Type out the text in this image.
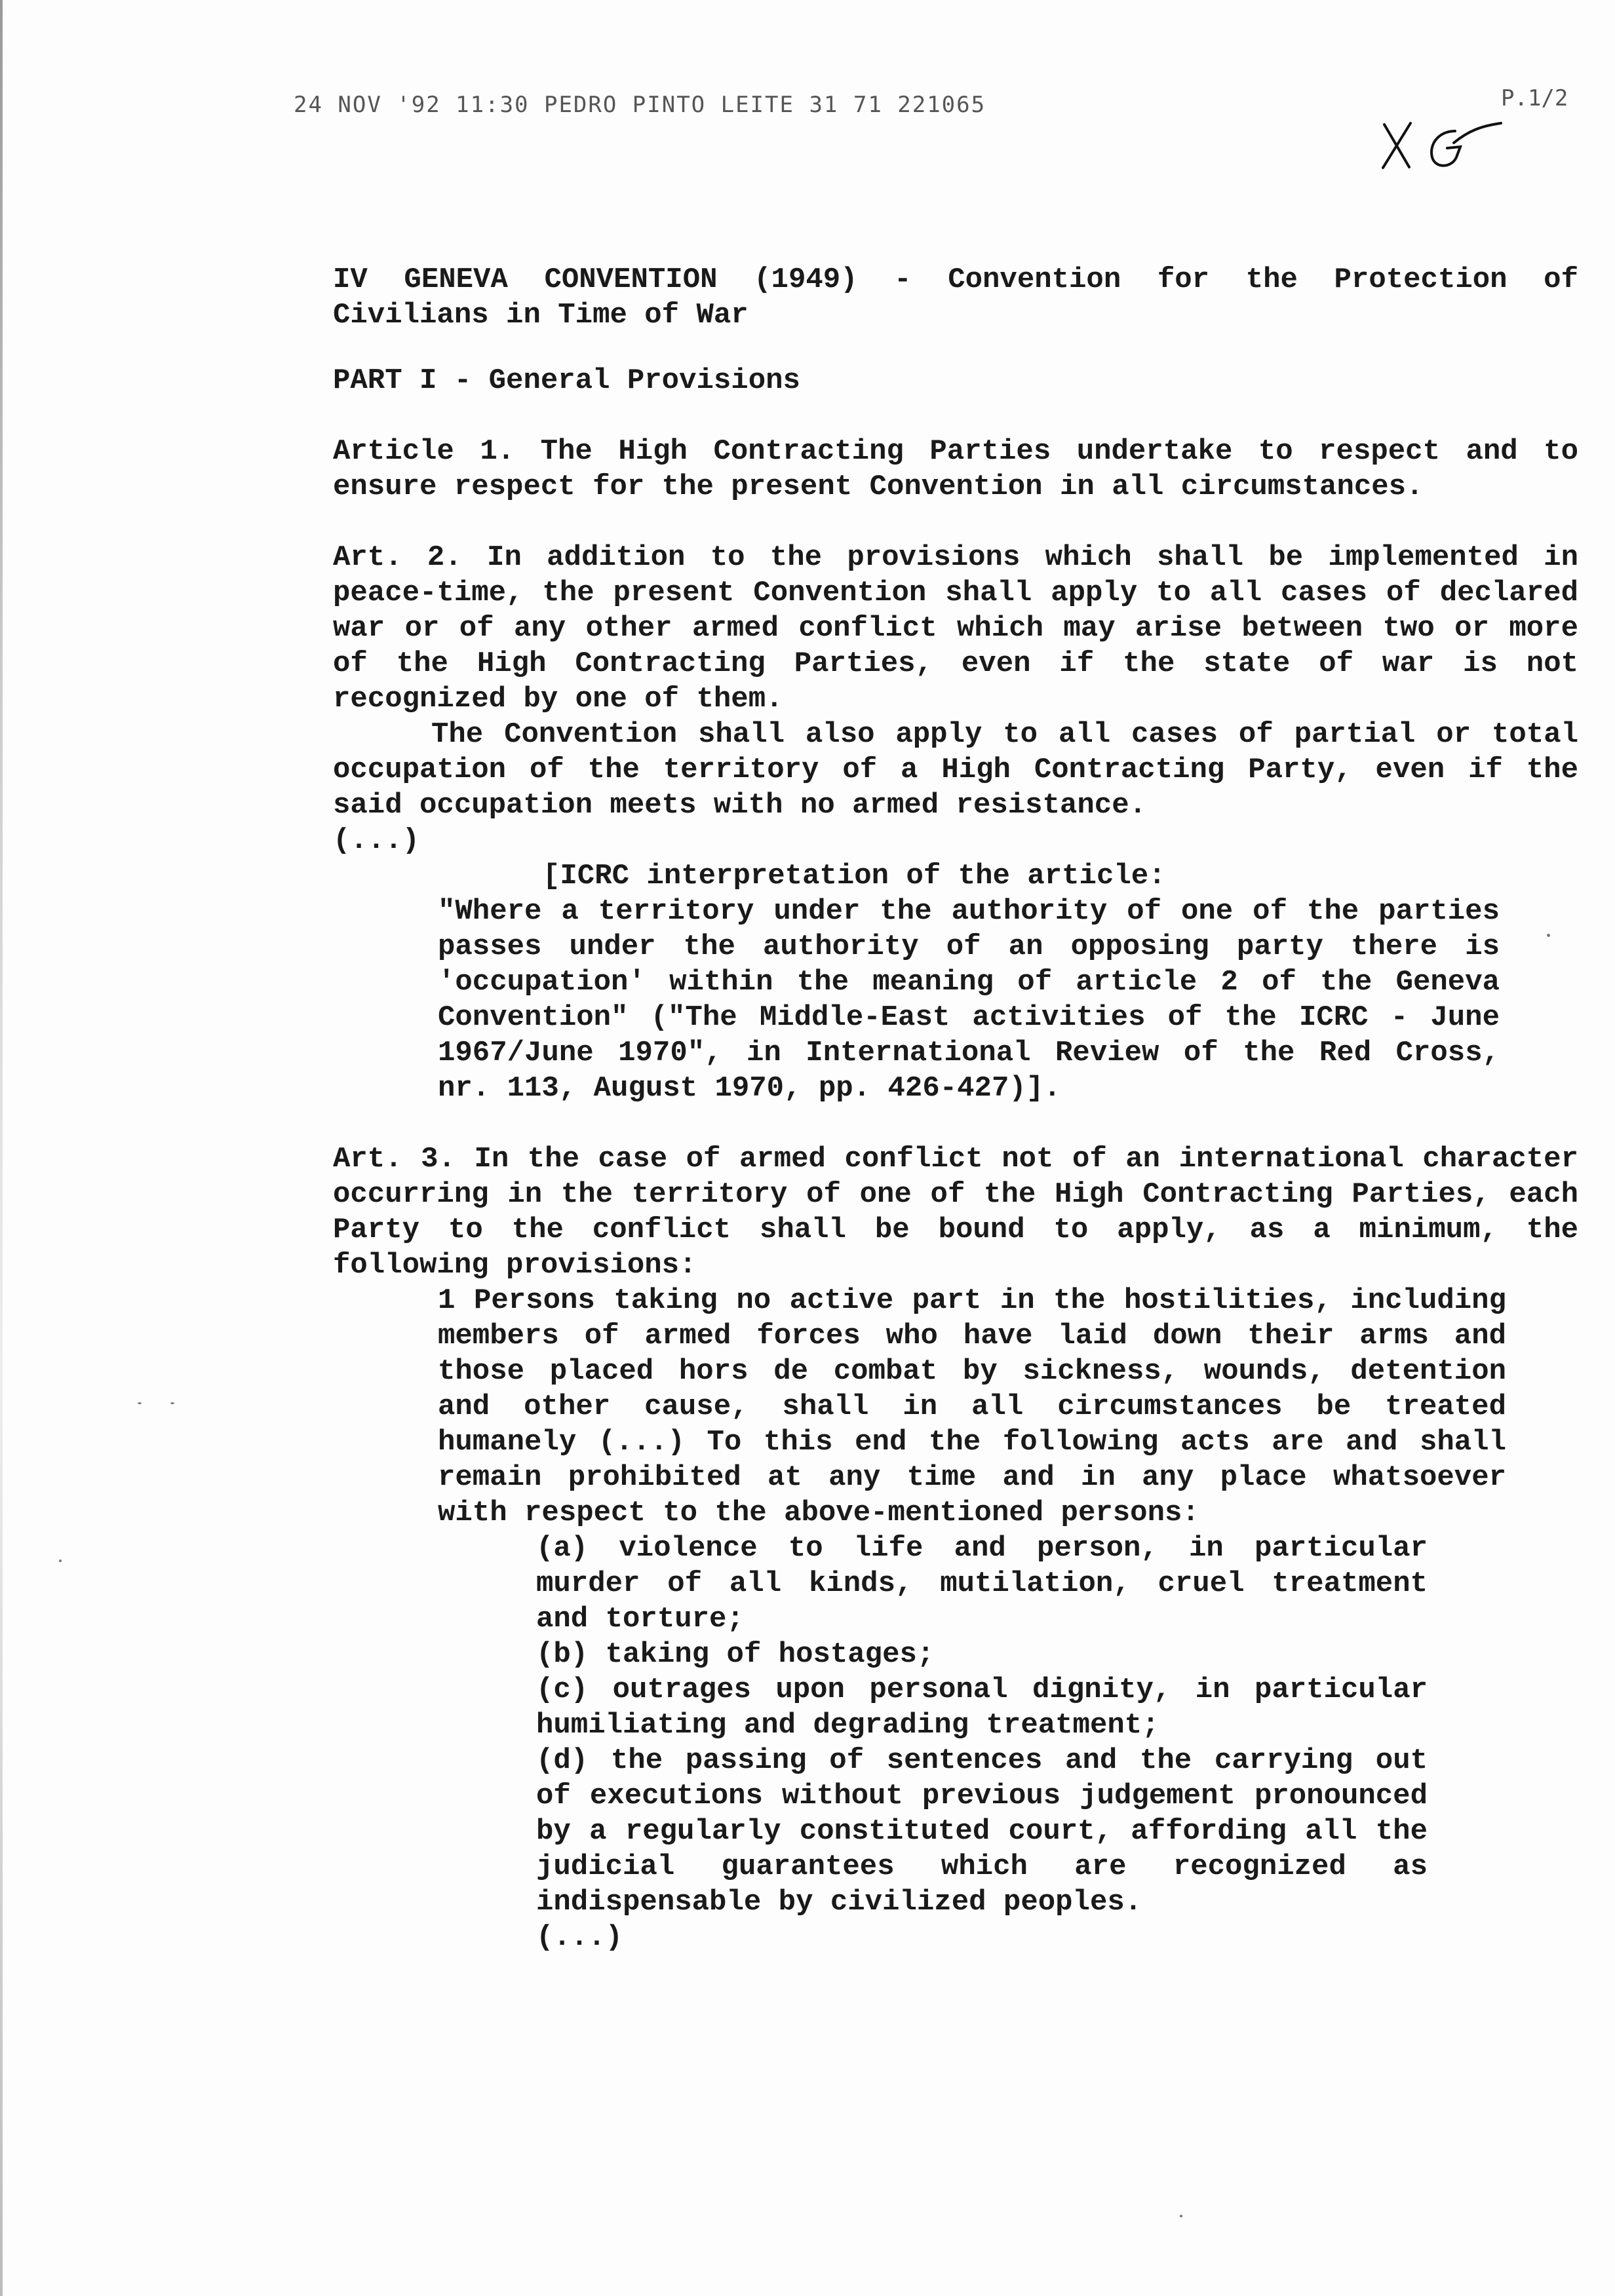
24 NOV '92 11:30 PEDRO PINTO LEITE 31 71 221065	P.1/2

IV GENEVA CONVENTION (1949) - Convention for the Protection of Civilians in Time of War

PART I - General Provisions

Article 1. The High Contracting Parties undertake to respect and to ensure respect for the present Convention in all circumstances.

Art. 2. In addition to the provisions which shall be implemented in peace-time, the present Convention shall apply to all cases of declared war or of any other armed conflict which may arise between two or more of the High Contracting Parties, even if the state of war is not recognized by one of them.

The Convention shall also apply to all cases of partial or total occupation of the territory of a High Contracting Party, even if the said occupation meets with no armed resistance.

(...)

[ICRC interpretation of the article:

"Where a territory under the authority of one of the parties passes under the authority of an opposing party there is 'occupation' within the meaning of article 2 of the Geneva Convention" ("The Middle-East activities of the ICRC - June 1967/June 1970", in International Review of the Red Cross, nr. 113, August 1970, pp. 426-427)].

Art. 3. In the case of armed conflict not of an international character occurring in the territory of one of the High Contracting Parties, each Party to the conflict shall be bound to apply, as a minimum, the following provisions:

1 Persons taking no active part in the hostilities, including members of armed forces who have laid down their arms and those placed hors de combat by sickness, wounds, detention and other cause, shall in all circumstances be treated humanely (...) To this end the following acts are and shall remain prohibited at any time and in any place whatsoever with respect to the above-mentioned persons:

(a) violence to life and person, in particular murder of all kinds, mutilation, cruel treatment and torture;

(b) taking of hostages;

(c) outrages upon personal dignity, in particular humiliating and degrading treatment;

(d) the passing of sentences and the carrying out of executions without previous judgement pronounced by a regularly constituted court, affording all the judicial guarantees which are recognized as indispensable by civilized peoples.

(...)
